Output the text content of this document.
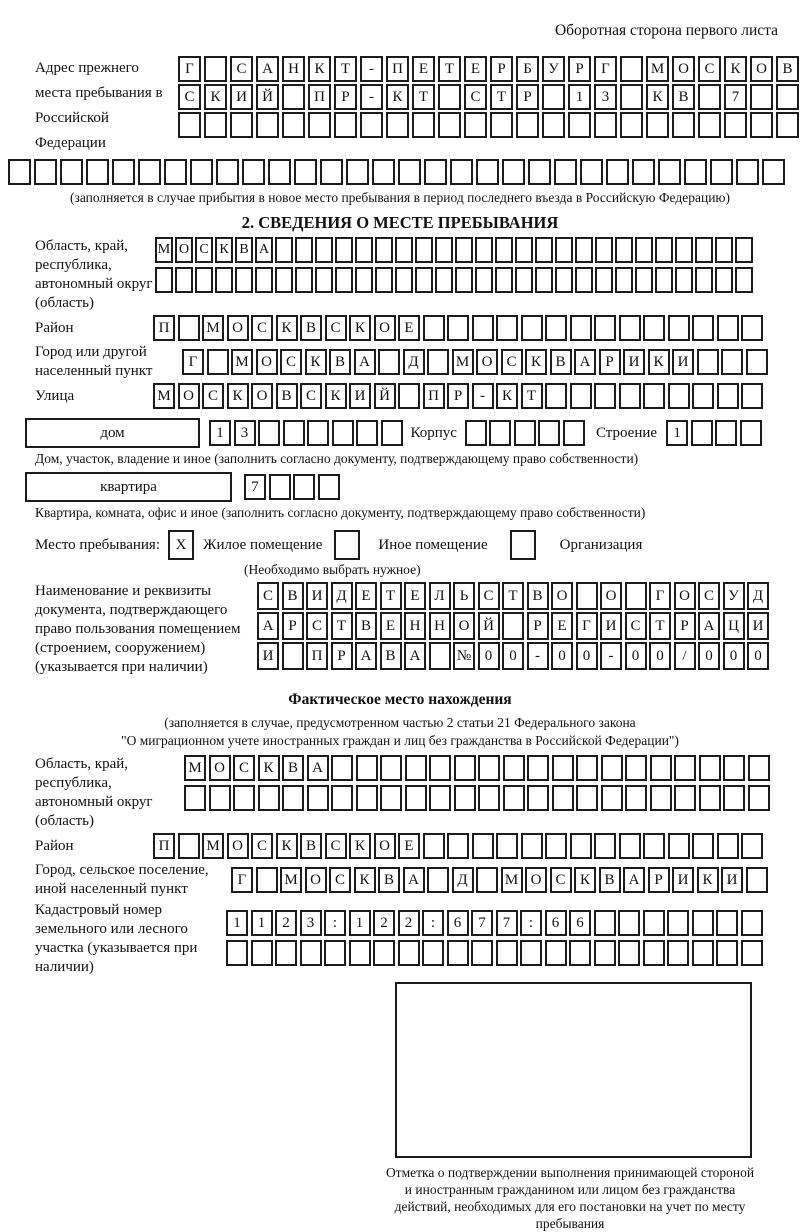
Оборотная сторона первого листа
Адрес прежнего места пребывания в Российской Федерации
Г	С	А	Н	К	Т	-	П	Е	Т	Е	Р	Б	У	Р	Г	М О	С	К	О	В
С	К	И	Й	П	Р	-	К	Т	С	Т	Р	1	3	К	В	7
(заполняется в случае прибытия в новое место пребывания в период последнего въезда в Российскую Федерацию)
2. СВЕДЕНИЯ О МЕСТЕ ПРЕБЫВАНИЯ
Область, край, республика, автономный округ (область)
М О С К В А
Район	П	М О С К В С К О Е
Город или другой населенный пункт
Г	М О С К В А	Д	М О С К В А Р И К И
Улица	М О С К О В С К И Й	П Р	-	К Т
дом	1	3	Корпус	Строение	1
Дом, участок, владение и иное (заполнить согласно документу, подтверждающему право собственности)
квартира	7
Квартира, комната, офис и иное (заполнить согласно документу, подтверждающему право собственности)
Место пребывания:	X	Жилое помещение	Иное помещение	Организация
(Необходимо выбрать нужное)
Наименование и реквизиты документа, подтверждающего право пользования помещением (строением, сооружением) (указывается при наличии)
С В И Д Е	Т	Е Л	Ь	С Т В О	О	Г О С У Д
А Р	С Т В Е Н Н О Й	Р	Е	Г И С Т	Р А Ц И
И	П Р А В А	№ 0	0	-	0	0	-	0	0	/	0	0	0
Фактическое место нахождения
(заполняется в случае, предусмотренном частью 2 статьи 21 Федерального закона
"О миграционном учете иностранных граждан и лиц без гражданства в Российской Федерации")
Область, край, республика, автономный округ (область)
М О С К В А
Район	П	М О С К В С К О Е
Город, сельское поселение, иной населенный пункт
Г	М О С К В А	Д	М О С К В А Р И К И
Кадастровый номер земельного или лесного участка (указывается при наличии)
1	1	2	3	:	1	2	2	:	6	7	7	:	6	6
Отметка о подтверждении выполнения принимающей стороной и иностранным гражданином или лицом без гражданства действий, необходимых для его постановки на учет по месту пребывания
